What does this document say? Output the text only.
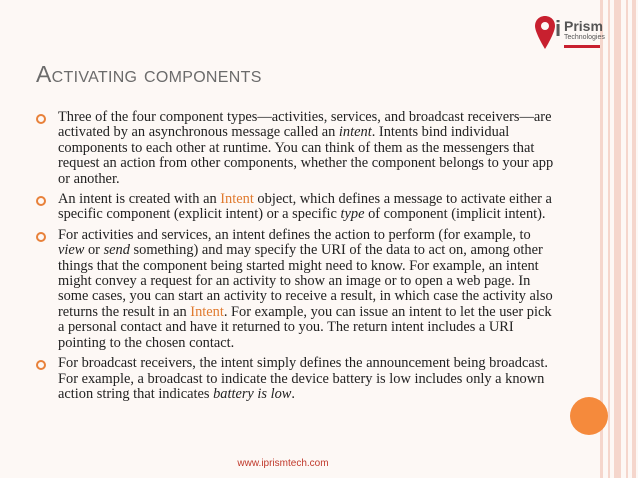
i Prism
Technologies
Activating components
Three of the four component types—activities, services, and broadcast receivers—are activated by an asynchronous message called an intent. Intents bind individual components to each other at runtime. You can think of them as the messengers that request an action from other components, whether the component belongs to your app or another.
An intent is created with an Intent object, which defines a message to activate either a specific component (explicit intent) or a specific type of component (implicit intent).
For activities and services, an intent defines the action to perform (for example, to view or send something) and may specify the URI of the data to act on, among other things that the component being started might need to know. For example, an intent might convey a request for an activity to show an image or to open a web page. In some cases, you can start an activity to receive a result, in which case the activity also returns the result in an Intent. For example, you can issue an intent to let the user pick a personal contact and have it returned to you. The return intent includes a URI pointing to the chosen contact.
For broadcast receivers, the intent simply defines the announcement being broadcast. For example, a broadcast to indicate the device battery is low includes only a known action string that indicates battery is low.
www.iprismtech.com
